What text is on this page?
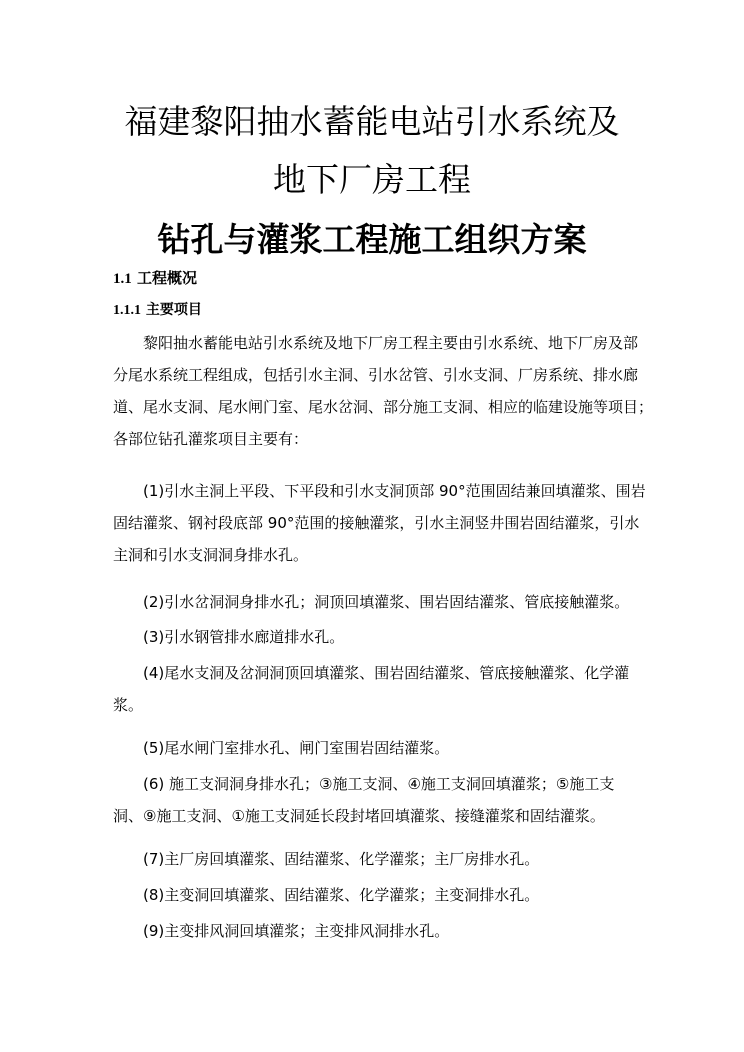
福建黎阳抽水蓄能电站引水系统及
地下厂房工程
钻孔与灌浆工程施工组织方案
1.1 工程概况
1.1.1 主要项目
黎阳抽水蓄能电站引水系统及地下厂房工程主要由引水系统、地下厂房及部
分尾水系统工程组成，包括引水主洞、引水岔管、引水支洞、厂房系统、排水廊
道、尾水支洞、尾水闸门室、尾水岔洞、部分施工支洞、相应的临建设施等项目；
各部位钻孔灌浆项目主要有：
(1)引水主洞上平段、下平段和引水支洞顶部 90°范围固结兼回填灌浆、围岩
固结灌浆、钢衬段底部 90°范围的接触灌浆，引水主洞竖井围岩固结灌浆，引水
主洞和引水支洞洞身排水孔。
(2)引水岔洞洞身排水孔；洞顶回填灌浆、围岩固结灌浆、管底接触灌浆。
(3)引水钢管排水廊道排水孔。
(4)尾水支洞及岔洞洞顶回填灌浆、围岩固结灌浆、管底接触灌浆、化学灌
浆。
(5)尾水闸门室排水孔、闸门室围岩固结灌浆。
(6) 施工支洞洞身排水孔；③施工支洞、④施工支洞回填灌浆；⑤施工支
洞、⑨施工支洞、①施工支洞延长段封堵回填灌浆、接缝灌浆和固结灌浆。
(7)主厂房回填灌浆、固结灌浆、化学灌浆；主厂房排水孔。
(8)主变洞回填灌浆、固结灌浆、化学灌浆；主变洞排水孔。
(9)主变排风洞回填灌浆；主变排风洞排水孔。
